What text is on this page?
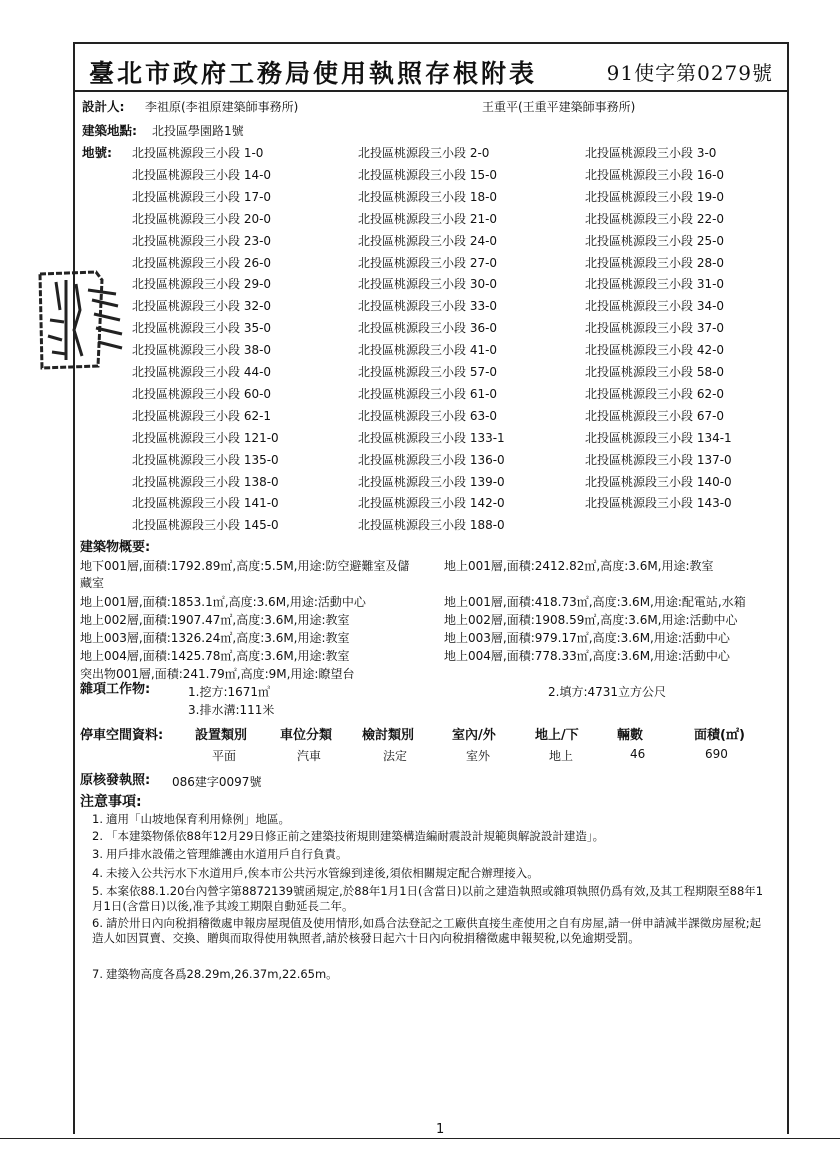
臺北市政府工務局使用執照存根附表	91使字第0279號
設計人: 李祖原(李祖原建築師事務所)	王重平(王重平建築師事務所)
建築地點: 北投區學園路1號
地號: 北投區桃源段三小段 1-0	北投區桃源段三小段 2-0	北投區桃源段三小段 3-0
北投區桃源段三小段 14-0	北投區桃源段三小段 15-0	北投區桃源段三小段 16-0
北投區桃源段三小段 17-0	北投區桃源段三小段 18-0	北投區桃源段三小段 19-0
北投區桃源段三小段 20-0	北投區桃源段三小段 21-0	北投區桃源段三小段 22-0
北投區桃源段三小段 23-0	北投區桃源段三小段 24-0	北投區桃源段三小段 25-0
北投區桃源段三小段 26-0	北投區桃源段三小段 27-0	北投區桃源段三小段 28-0
北投區桃源段三小段 29-0	北投區桃源段三小段 30-0	北投區桃源段三小段 31-0
北投區桃源段三小段 32-0	北投區桃源段三小段 33-0	北投區桃源段三小段 34-0
北投區桃源段三小段 35-0	北投區桃源段三小段 36-0	北投區桃源段三小段 37-0
北投區桃源段三小段 38-0	北投區桃源段三小段 41-0	北投區桃源段三小段 42-0
北投區桃源段三小段 44-0	北投區桃源段三小段 57-0	北投區桃源段三小段 58-0
北投區桃源段三小段 60-0	北投區桃源段三小段 61-0	北投區桃源段三小段 62-0
北投區桃源段三小段 62-1	北投區桃源段三小段 63-0	北投區桃源段三小段 67-0
北投區桃源段三小段 121-0	北投區桃源段三小段 133-1	北投區桃源段三小段 134-1
北投區桃源段三小段 135-0	北投區桃源段三小段 136-0	北投區桃源段三小段 137-0
北投區桃源段三小段 138-0	北投區桃源段三小段 139-0	北投區桃源段三小段 140-0
北投區桃源段三小段 141-0	北投區桃源段三小段 142-0	北投區桃源段三小段 143-0
北投區桃源段三小段 145-0	北投區桃源段三小段 188-0
建築物概要:
地下001層,面積:1792.89㎡,高度:5.5M,用途:防空避難室及儲
藏室
地上001層,面積:1853.1㎡,高度:3.6M,用途:活動中心
地上002層,面積:1907.47㎡,高度:3.6M,用途:教室
地上003層,面積:1326.24㎡,高度:3.6M,用途:教室
地上004層,面積:1425.78㎡,高度:3.6M,用途:教室
突出物001層,面積:241.79㎡,高度:9M,用途:瞭望台
地上001層,面積:2412.82㎡,高度:3.6M,用途:教室
地上001層,面積:418.73㎡,高度:3.6M,用途:配電站,水箱
地上002層,面積:1908.59㎡,高度:3.6M,用途:活動中心
地上003層,面積:979.17㎡,高度:3.6M,用途:活動中心
地上004層,面積:778.33㎡,高度:3.6M,用途:活動中心
雜項工作物:	1.挖方:1671㎥	2.填方:4731立方公尺
3.排水溝:111米
停車空間資料: 設置類別	車位分類 檢討類別	室內/外	地上/下	輛數	面積(㎡)
平面	汽車	法定	室外	地上	46	690
原核發執照: 086建字0097號
注意事項:
1. 適用「山坡地保育利用條例」地區。
2. 「本建築物係依88年12月29日修正前之建築技術規則建築構造編耐震設計規範與解說設計建造」。
3. 用戶排水設備之管理維護由水道用戶自行負責。
4. 未接入公共污水下水道用戶,俟本市公共污水管線到達後,須依相關規定配合辦理接入。
5. 本案依88.1.20台內營字第8872139號函規定,於88年1月1日(含當日)以前之建造執照或雜項執照仍爲有效,及其工程期限至88年1月1日(含當日)以後,准予其竣工期限自動延長二年。
6. 請於卅日內向稅捐稽徵處申報房屋現值及使用情形,如爲合法登記之工廠供直接生產使用之自有房屋,請一併申請減半課徵房屋稅;起造人如因買賣、交換、贈與而取得使用執照者,請於核發日起六十日內向稅捐稽徵處申報契稅,以免逾期受罰。
7. 建築物高度各爲28.29m,26.37m,22.65m。
1
